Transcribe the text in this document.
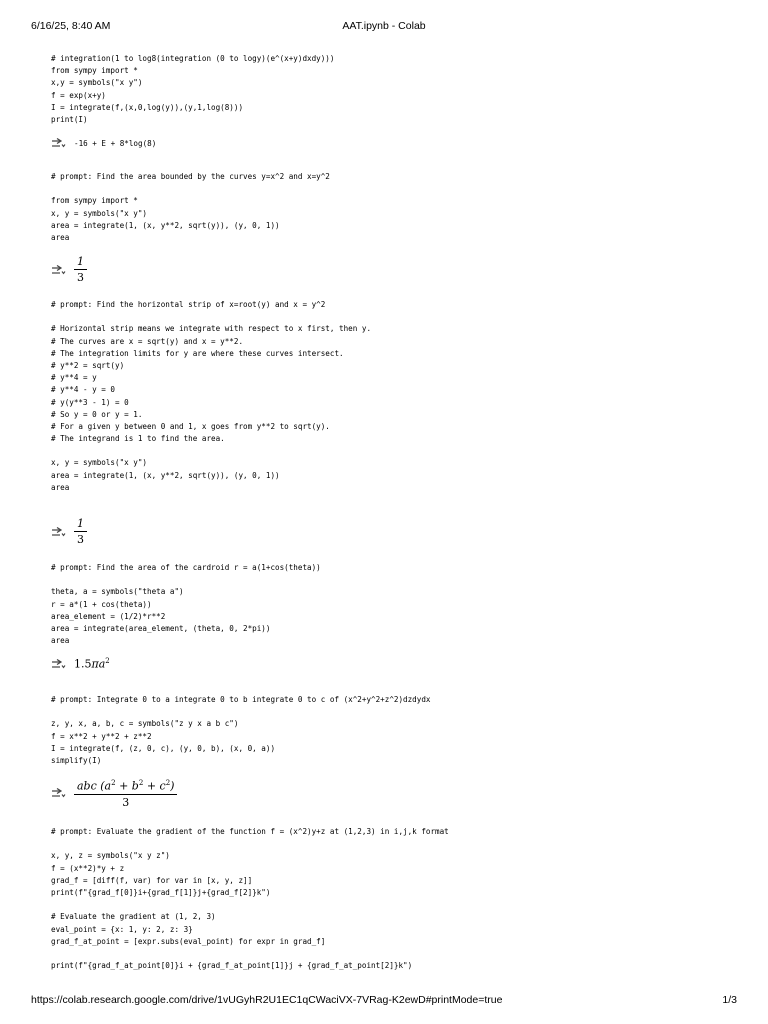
6/16/25, 8:40 AM	AAT.ipynb - Colab
# integration(1 to log8(integration (0 to logy)(e^(x+y)dxdy)))
from sympy import *
x,y = symbols("x y")
f = exp(x+y)
I = integrate(f,(x,0,log(y)),(y,1,log(8)))
print(I)
-16 + E + 8*log(8)
# prompt: Find the area bounded by the curves y=x^2 and x=y^2
from sympy import *
x, y = symbols("x y")
area = integrate(1, (x, y**2, sqrt(y)), (y, 0, 1))
area
$\frac{1}{3}$
# prompt: Find the horizontal strip of x=root(y) and x = y^2
# Horizontal strip means we integrate with respect to x first, then y.
# The curves are x = sqrt(y) and x = y**2.
# The integration limits for y are where these curves intersect.
# y**2 = sqrt(y)
# y**4 = y
# y**4 - y = 0
# y(y**3 - 1) = 0
# So y = 0 or y = 1.
# For a given y between 0 and 1, x goes from y**2 to sqrt(y).
# The integrand is 1 to find the area.
x, y = symbols("x y")
area = integrate(1, (x, y**2, sqrt(y)), (y, 0, 1))
area
$\frac{1}{3}$
# prompt: Find the area of the cardroid r = a(1+cos(theta))
theta, a = symbols("theta a")
r = a*(1 + cos(theta))
area_element = (1/2)*r**2
area = integrate(area_element, (theta, 0, 2*pi))
area
$1.5\pi a^2$
# prompt: Integrate 0 to a integrate 0 to b integrate 0 to c of (x^2+y^2+z^2)dzdydx
z, y, x, a, b, c = symbols("z y x a b c")
f = x**2 + y**2 + z**2
I = integrate(f, (z, 0, c), (y, 0, b), (x, 0, a))
simplify(I)
$\frac{abc (a^2 + b^2 + c^2)}{3}$
# prompt: Evaluate the gradient of the function f = (x^2)y+z at (1,2,3) in i,j,k format
x, y, z = symbols("x y z")
f = (x**2)*y + z
grad_f = [diff(f, var) for var in [x, y, z]]
print(f"{grad_f[0]}i+{grad_f[1]}j+{grad_f[2]}k")
# Evaluate the gradient at (1, 2, 3)
eval_point = {x: 1, y: 2, z: 3}
grad_f_at_point = [expr.subs(eval_point) for expr in grad_f]
print(f"{grad_f_at_point[0]}i + {grad_f_at_point[1]}j + {grad_f_at_point[2]}k")
https://colab.research.google.com/drive/1vUGyhR2U1EC1qCWaciVX-7VRag-K2ewD#printMode=true	1/3
